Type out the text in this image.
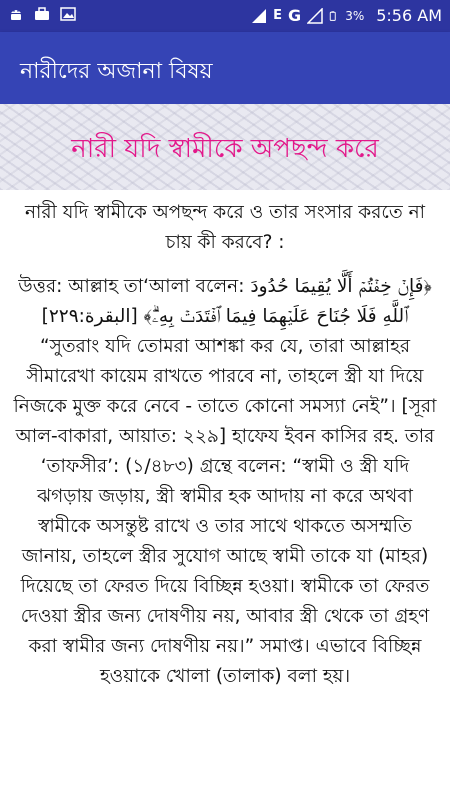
E G	3% 5:56 AM
নারীদের অজানা বিষয়
নারী যদি স্বামীকে অপছন্দ করে

নারী যদি স্বামীকে অপছন্দ করে ও তার সংসার করতে না চায় কী করবে? :

উত্তর: আল্লাহ তা‘আলা বলেন: ﴿فَإِنۡ خِفۡتُمۡ أَلَّا يُقِيمَا حُدُودَ ٱللَّهِ فَلَا جُنَاحَ عَلَيۡهِمَا فِيمَا ٱفۡتَدَتۡ بِهِۦۗ﴾ [البقرة:٢٢٩] “সুতরাং যদি তোমরা আশঙ্কা কর যে, তারা আল্লাহর সীমারেখা কায়েম রাখতে পারবে না, তাহলে স্ত্রী যা দিয়ে নিজকে মুক্ত করে নেবে - তাতে কোনো সমস্যা নেই”। [সূরা আল-বাকারা, আয়াত: ২২৯] হাফেয ইবন কাসির রহ. তার ‘তাফসীর’: (১/৪৮৩) গ্রন্থে বলেন: “স্বামী ও স্ত্রী যদি ঝগড়ায় জড়ায়, স্ত্রী স্বামীর হক আদায় না করে অথবা স্বামীকে অসন্তুষ্ট রাখে ও তার সাথে থাকতে অসম্মতি জানায়, তাহলে স্ত্রীর সুযোগ আছে স্বামী তাকে যা (মাহর) দিয়েছে তা ফেরত দিয়ে বিচ্ছিন্ন হওয়া। স্বামীকে তা ফেরত দেওয়া স্ত্রীর জন্য দোষণীয় নয়, আবার স্ত্রী থেকে তা গ্রহণ করা স্বামীর জন্য দোষণীয় নয়।” সমাপ্ত। এভাবে বিচ্ছিন্ন হওয়াকে খোলা (তালাক) বলা হয়।
